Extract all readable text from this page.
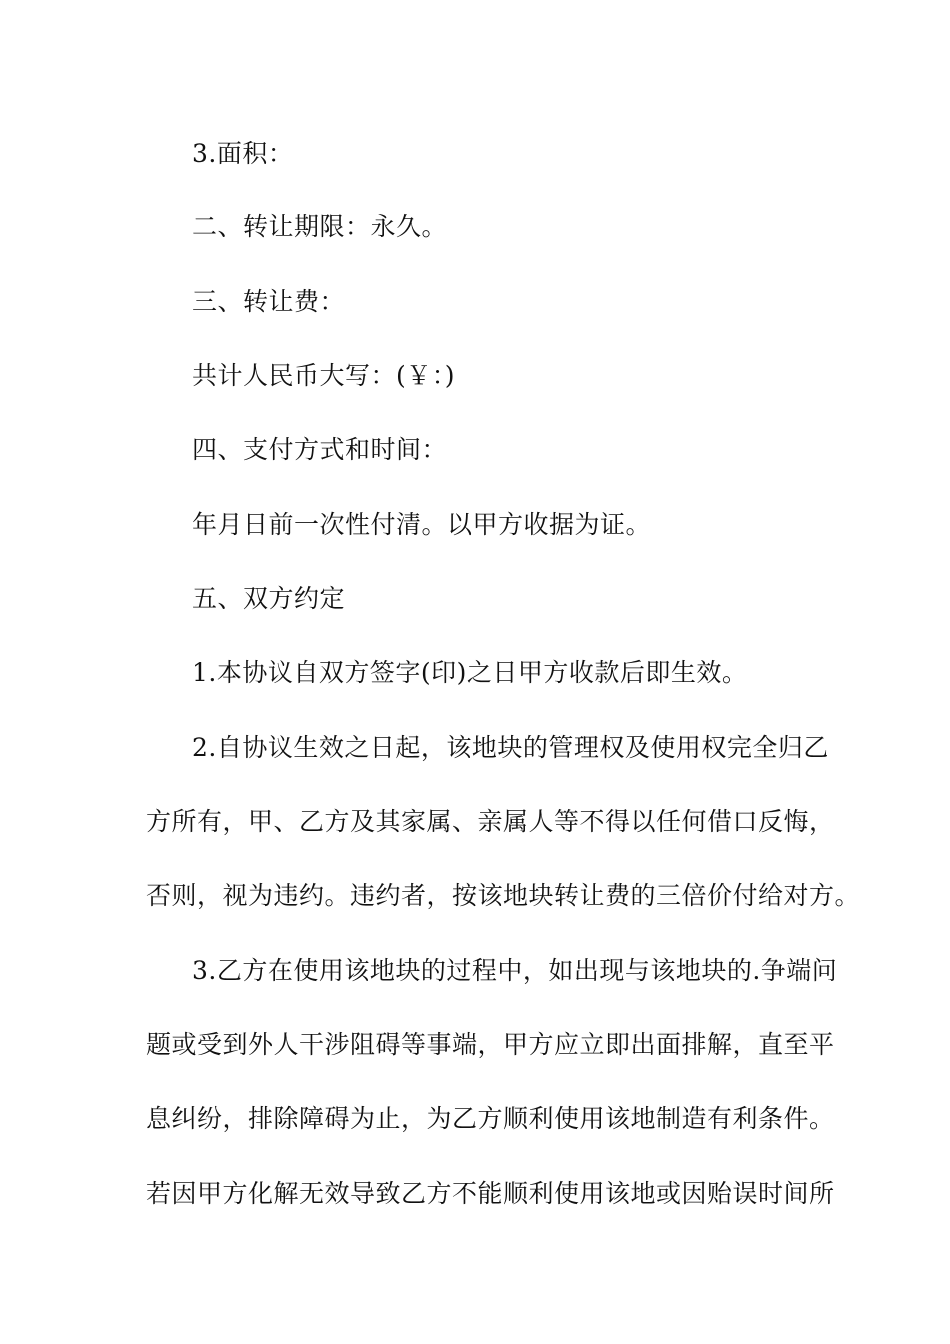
3.面积：
二、转让期限：永久。
三、转让费：
共计人民币大写：(￥：)
四、支付方式和时间：
年月日前一次性付清。以甲方收据为证。
五、双方约定
1.本协议自双方签字(印)之日甲方收款后即生效。
2.自协议生效之日起，该地块的管理权及使用权完全归乙
方所有，甲、乙方及其家属、亲属人等不得以任何借口反悔，
否则，视为违约。违约者，按该地块转让费的三倍价付给对方。
3.乙方在使用该地块的过程中，如出现与该地块的.争端问
题或受到外人干涉阻碍等事端，甲方应立即出面排解，直至平
息纠纷，排除障碍为止，为乙方顺利使用该地制造有利条件。
若因甲方化解无效导致乙方不能顺利使用该地或因贻误时间所
